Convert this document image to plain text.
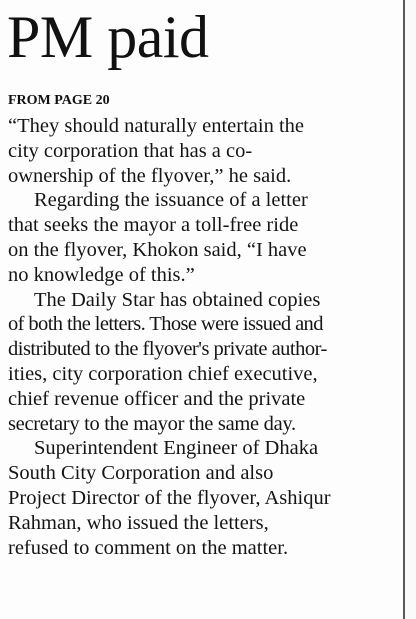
PM paid
FROM PAGE 20
“They should naturally entertain the
city corporation that has a co-
ownership of the flyover,” he said.
Regarding the issuance of a letter
that seeks the mayor a toll-free ride
on the flyover, Khokon said, “I have
no knowledge of this.”
The Daily Star has obtained copies
of both the letters. Those were issued and
distributed to the flyover's private author-
ities, city corporation chief executive,
chief revenue officer and the private
secretary to the mayor the same day.
Superintendent Engineer of Dhaka
South City Corporation and also
Project Director of the flyover, Ashiqur
Rahman, who issued the letters,
refused to comment on the matter.
